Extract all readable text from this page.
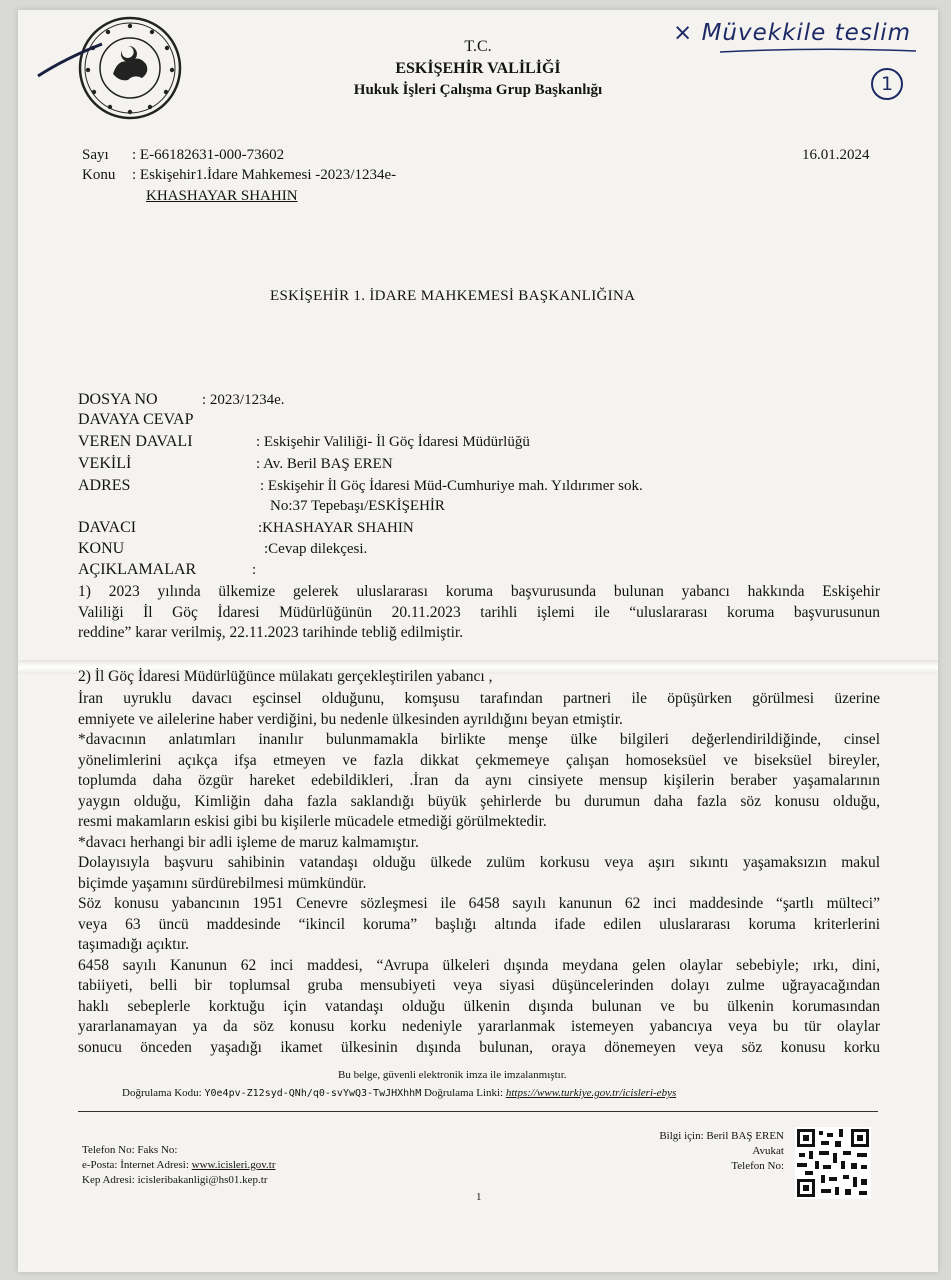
× Müvekkile teslim
1
T.C.
ESKİŞEHİR VALİLİĞİ
Hukuk İşleri Çalışma Grup Başkanlığı
Sayı : E-66182631-000-73602
Konu : Eskişehir1.İdare Mahkemesi -2023/1234e-
KHASHAYAR SHAHIN
16.01.2024
ESKİŞEHİR 1. İDARE MAHKEMESİ BAŞKANLIĞINA
DOSYA NO	: 2023/1234e.
DAVAYA CEVAP
VEREN DAVALI	: Eskişehir Valiliği- İl Göç İdaresi Müdürlüğü
VEKİLİ	: Av. Beril BAŞ EREN
ADRES	: Eskişehir İl Göç İdaresi Müd-Cumhuriye mah. Yıldırımer sok.
No:37 Tepebaşı/ESKİŞEHİR
DAVACI	:KHASHAYAR SHAHIN
KONU	:Cevap dilekçesi.
AÇIKLAMALAR	:
1) 2023 yılında ülkemize gelerek uluslararası koruma başvurusunda bulunan yabancı hakkında Eskişehir
Valiliği İl Göç İdaresi Müdürlüğünün 20.11.2023 tarihli işlemi ile “uluslararası koruma başvurusunun
reddine” karar verilmiş, 22.11.2023 tarihinde tebliğ edilmiştir.
2) İl Göç İdaresi Müdürlüğünce mülakatı gerçekleştirilen yabancı ,
İran uyruklu davacı eşcinsel olduğunu, komşusu tarafından partneri ile öpüşürken görülmesi üzerine
emniyete ve ailelerine haber verdiğini, bu nedenle ülkesinden ayrıldığını beyan etmiştir.
*davacının anlatımları inanılır bulunmamakla birlikte menşe ülke bilgileri değerlendirildiğinde, cinsel
yönelimlerini açıkça ifşa etmeyen ve fazla dikkat çekmemeye çalışan homoseksüel ve biseksüel bireyler,
toplumda daha özgür hareket edebildikleri, .İran da aynı cinsiyete mensup kişilerin beraber yaşamalarının
yaygın olduğu, Kimliğin daha fazla saklandığı büyük şehirlerde bu durumun daha fazla söz konusu olduğu,
resmi makamların eskisi gibi bu kişilerle mücadele etmediği görülmektedir.
*davacı herhangi bir adli işleme de maruz kalmamıştır.
Dolayısıyla başvuru sahibinin vatandaşı olduğu ülkede zulüm korkusu veya aşırı sıkıntı yaşamaksızın makul
biçimde yaşamını sürdürebilmesi mümkündür.
Söz konusu yabancının 1951 Cenevre sözleşmesi ile 6458 sayılı kanunun 62 inci maddesinde “şartlı mülteci”
veya 63 üncü maddesinde “ikincil koruma” başlığı altında ifade edilen uluslararası koruma kriterlerini
taşımadığı açıktır.
6458 sayılı Kanunun 62 inci maddesi, “Avrupa ülkeleri dışında meydana gelen olaylar sebebiyle; ırkı, dini,
tabiiyeti, belli bir toplumsal gruba mensubiyeti veya siyasi düşüncelerinden dolayı zulme uğrayacağından
haklı sebeplerle korktuğu için vatandaşı olduğu ülkenin dışında bulunan ve bu ülkenin korumasından
yararlanamayan ya da söz konusu korku nedeniyle yararlanmak istemeyen yabancıya veya bu tür olaylar
sonucu önceden yaşadığı ikamet ülkesinin dışında bulunan, oraya dönemeyen veya söz konusu korku
Bu belge, güvenli elektronik imza ile imzalanmıştır.
Doğrulama Kodu: Y0e4pv-Z12syd-QNh/q0-svYwQ3-TwJHXhhM Doğrulama Linki: https://www.turkiye.gov.tr/icisleri-ebys
Telefon No: Faks No:
e-Posta: İnternet Adresi: www.icisleri.gov.tr
Kep Adresi: icisleribakanligi@hs01.kep.tr
Bilgi için: Beril BAŞ EREN
Avukat
Telefon No:
1
